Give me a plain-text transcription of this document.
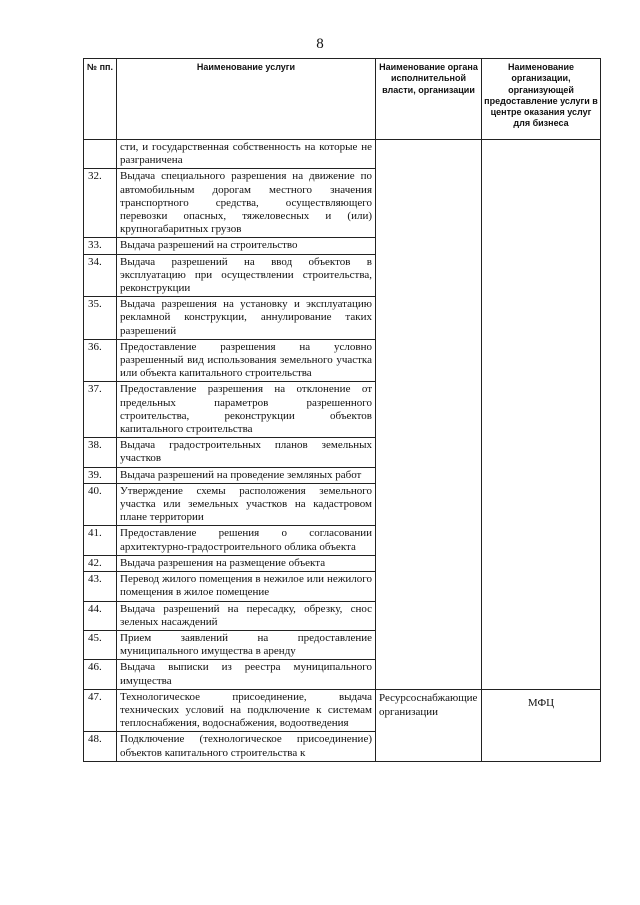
8
№ пп.	Наименование услуги	Наименование органа исполнительной власти, организации	Наименование организации, организующей предоставление услуги в центре оказания услуг для бизнеса
	сти, и государственная собственность на которые не разграничена		
32.	Выдача специального разрешения на движение по автомобильным дорогам местного значения транспортного средства, осуществляющего перевозки опасных, тяжеловесных и (или) крупногабаритных грузов		
33.	Выдача разрешений на строительство		
34.	Выдача разрешений на ввод объектов в эксплуатацию при осуществлении строительства, реконструкции		
35.	Выдача разрешения на установку и эксплуатацию рекламной конструкции, аннулирование таких разрешений		
36.	Предоставление разрешения на условно разрешенный вид использования земельного участка или объекта капитального строительства		
37.	Предоставление разрешения на отклонение от предельных параметров разрешенного строительства, реконструкции объектов капитального строительства		
38.	Выдача градостроительных планов земельных участков		
39.	Выдача разрешений на проведение земляных работ		
40.	Утверждение схемы расположения земельного участка или земельных участков на кадастровом плане территории		
41.	Предоставление решения о согласовании архитектурно-градостроительного облика объекта		
42.	Выдача разрешения на размещение объекта		
43.	Перевод жилого помещения в нежилое или нежилого помещения в жилое помещение		
44.	Выдача разрешений на пересадку, обрезку, снос зеленых насаждений		
45.	Прием заявлений на предоставление муниципального имущества в аренду		
46.	Выдача выписки из реестра муниципального имущества		
47.	Технологическое присоединение, выдача технических условий на подключение к системам теплоснабжения, водоснабжения, водоотведения	Ресурсоснабжающие организации	МФЦ
48.	Подключение (технологическое присоединение) объектов капитального строительства к		
